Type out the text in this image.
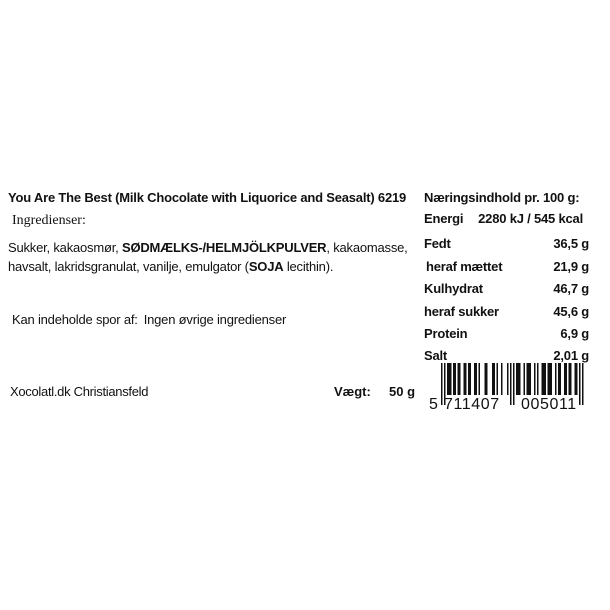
You Are The Best (Milk Chocolate with Liquorice and Seasalt) 6219
Ingredienser:
Sukker, kakaosmør, SØDMÆLKS-/HELMJÖLKPULVER, kakaomasse, havsalt, lakridsgranulat, vanilje, emulgator (SOJA lecithin).
Kan indeholde spor af: Ingen øvrige ingredienser
Xocolatl.dk Christiansfeld	Vægt: 50 g
Næringsindhold pr. 100 g:
Energi 2280 kJ / 545 kcal
Fedt	36,5 g
heraf mættet	21,9 g
Kulhydrat	46,7 g
heraf sukker	45,6 g
Protein	6,9 g
Salt	2,01 g
5 711407 005011
